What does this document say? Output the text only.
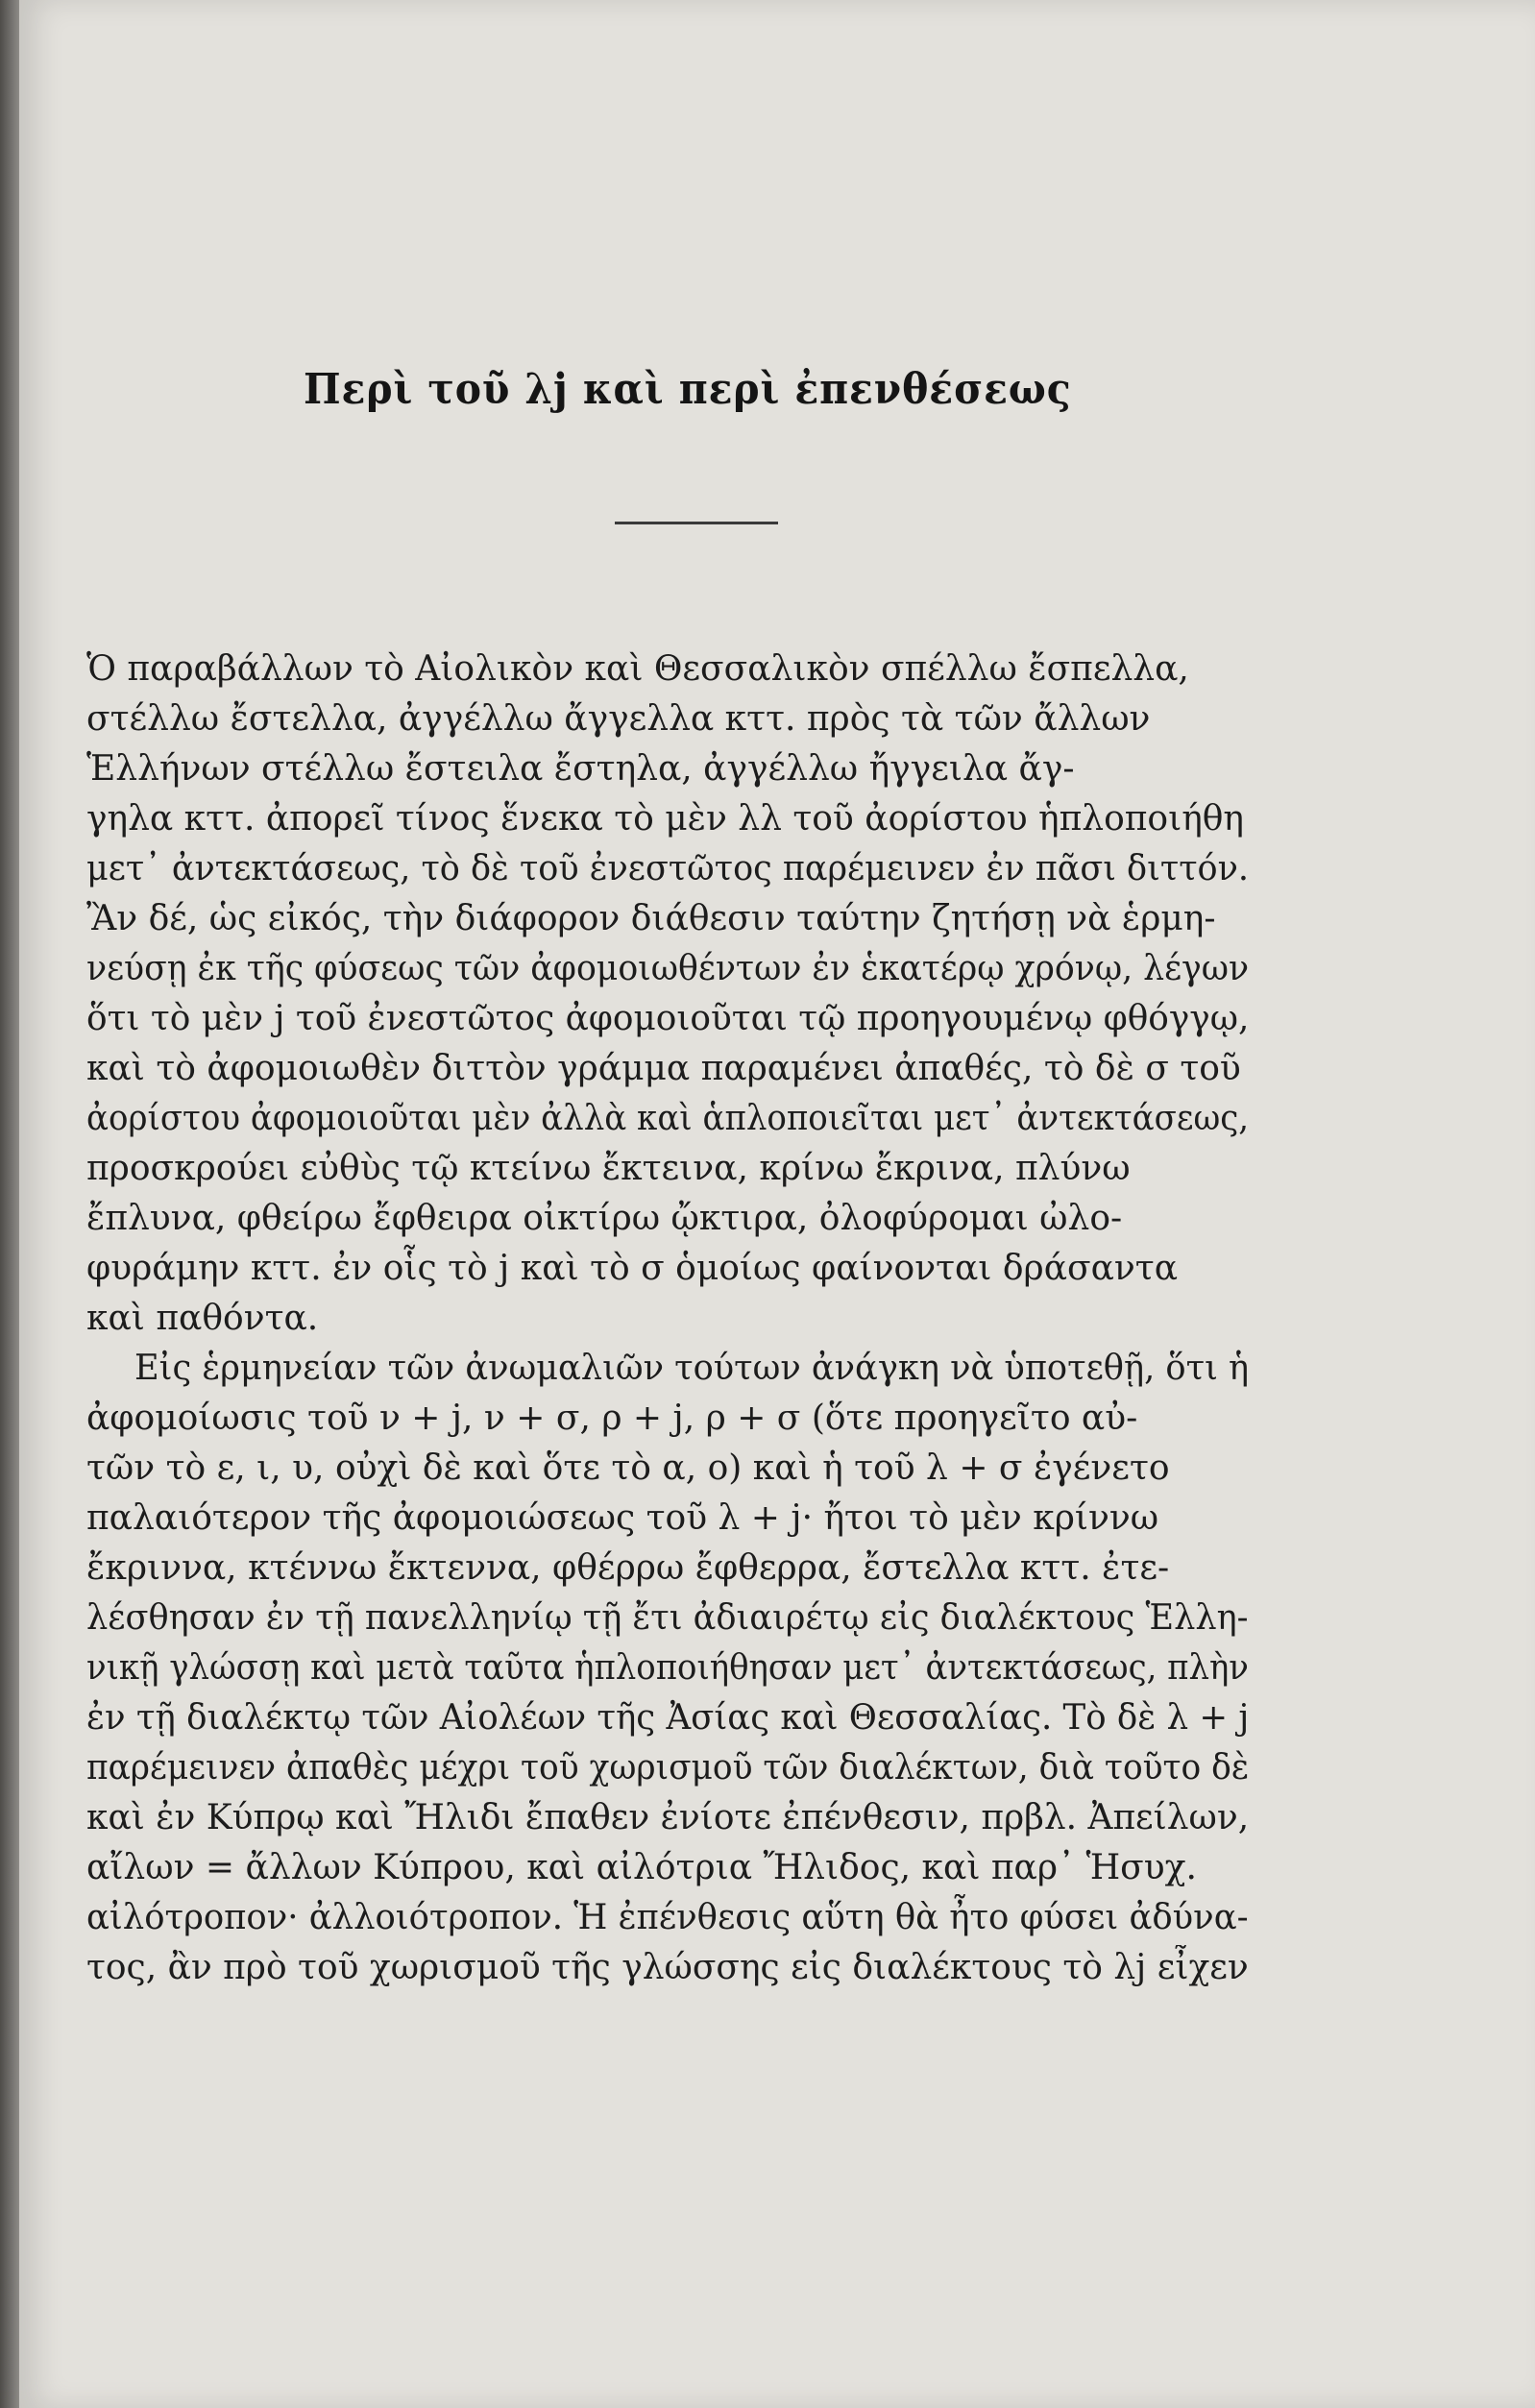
Περὶ τοῦ λj καὶ περὶ ἐπενθέσεως
Ὁ παραβάλλων τὸ Αἰολικὸν καὶ Θεσσαλικὸν σπέλλω ἔσπελλα,
στέλλω ἔστελλα, ἀγγέλλω ἄγγελλα κττ. πρὸς τὰ τῶν ἄλλων
Ἑλλήνων στέλλω ἔστειλα ἔστηλα, ἀγγέλλω ἤγγειλα ἄγ-
γηλα κττ. ἀπορεῖ τίνος ἕνεκα τὸ μὲν λλ τοῦ ἀορίστου ἡπλοποιήθη
μετ᾽ ἀντεκτάσεως, τὸ δὲ τοῦ ἐνεστῶτος παρέμεινεν ἐν πᾶσι διττόν.
Ἂν δέ, ὡς εἰκός, τὴν διάφορον διάθεσιν ταύτην ζητήσῃ νὰ ἑρμη-
νεύσῃ ἐκ τῆς φύσεως τῶν ἀφομοιωθέντων ἐν ἑκατέρῳ χρόνῳ, λέγων
ὅτι τὸ μὲν j τοῦ ἐνεστῶτος ἀφομοιοῦται τῷ προηγουμένῳ φθόγγῳ,
καὶ τὸ ἀφομοιωθὲν διττὸν γράμμα παραμένει ἀπαθές, τὸ δὲ σ τοῦ
ἀορίστου ἀφομοιοῦται μὲν ἀλλὰ καὶ ἁπλοποιεῖται μετ᾽ ἀντεκτάσεως,
προσκρούει εὐθὺς τῷ κτείνω ἔκτεινα, κρίνω ἔκρινα, πλύνω
ἔπλυνα, φθείρω ἔφθειρα οἰκτίρω ᾤκτιρα, ὀλοφύρομαι ὠλο-
φυράμην κττ. ἐν οἷς τὸ j καὶ τὸ σ ὁμοίως φαίνονται δράσαντα
καὶ παθόντα.
Εἰς ἑρμηνείαν τῶν ἀνωμαλιῶν τούτων ἀνάγκη νὰ ὑποτεθῇ, ὅτι ἡ
ἀφομοίωσις τοῦ ν + j, ν + σ, ρ + j, ρ + σ (ὅτε προηγεῖτο αὐ-
τῶν τὸ ε, ι, υ, οὐχὶ δὲ καὶ ὅτε τὸ α, ο) καὶ ἡ τοῦ λ + σ ἐγένετο
παλαιότερον τῆς ἀφομοιώσεως τοῦ λ + j· ἤτοι τὸ μὲν κρίννω
ἔκριννα, κτέννω ἔκτεννα, φθέρρω ἔφθερρα, ἔστελλα κττ. ἐτε-
λέσθησαν ἐν τῇ πανελληνίῳ τῇ ἔτι ἀδιαιρέτῳ εἰς διαλέκτους Ἑλλη-
νικῇ γλώσσῃ καὶ μετὰ ταῦτα ἡπλοποιήθησαν μετ᾽ ἀντεκτάσεως, πλὴν
ἐν τῇ διαλέκτῳ τῶν Αἰολέων τῆς Ἀσίας καὶ Θεσσαλίας. Τὸ δὲ λ + j
παρέμεινεν ἀπαθὲς μέχρι τοῦ χωρισμοῦ τῶν διαλέκτων, διὰ τοῦτο δὲ
καὶ ἐν Κύπρῳ καὶ Ἤλιδι ἔπαθεν ἐνίοτε ἐπένθεσιν, πρβλ. Ἀπείλων,
αἴλων = ἄλλων Κύπρου, καὶ αἰλότρια Ἤλιδος, καὶ παρ᾽ Ἡσυχ.
αἰλότροπον· ἀλλοιότροπον. Ἡ ἐπένθεσις αὕτη θὰ ἦτο φύσει ἀδύνα-
τος, ἂν πρὸ τοῦ χωρισμοῦ τῆς γλώσσης εἰς διαλέκτους τὸ λj εἶχεν
